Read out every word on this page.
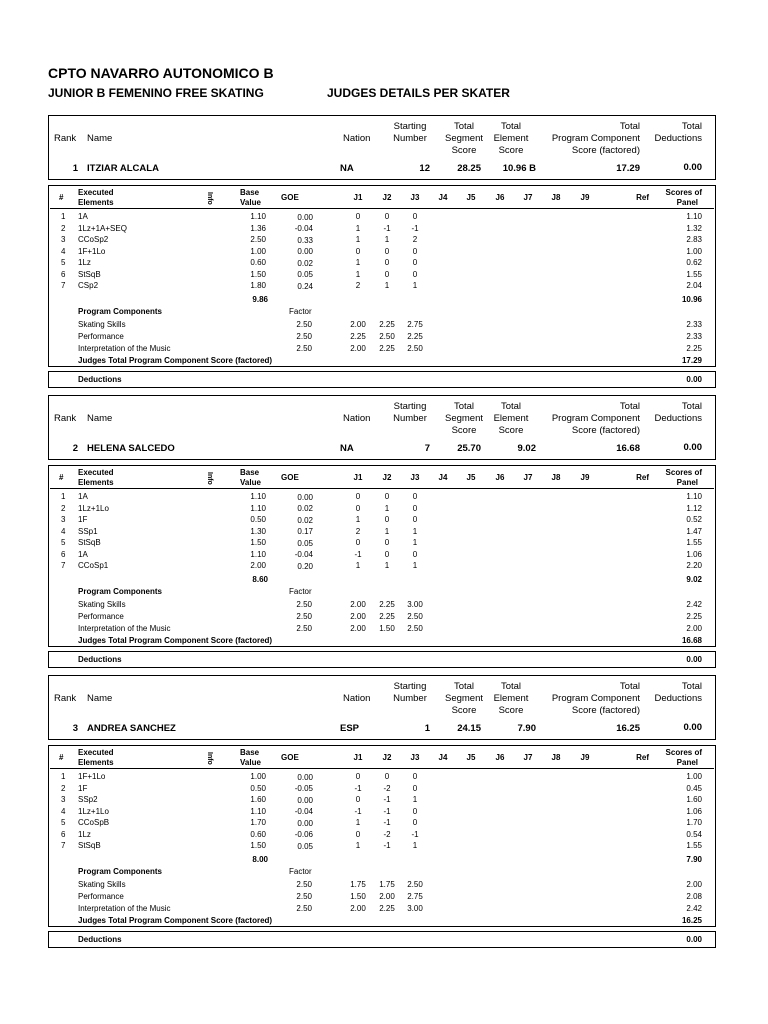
CPTO NAVARRO AUTONOMICO B
JUNIOR B FEMENINO FREE SKATING	JUDGES DETAILS PER SKATER
Starting
Number
Total
Segment
Score
Total
Element
Score
Total
Program Component
Score (factored)
Total
Deductions
Rank Name	Nation
1 ITZIAR ALCALA	NA	12	28.25	10.96 B	17.29	0.00
#
Executed
Elements	Info	Base
Value
GOE	J1	J2	J3	J4	J5	J6	J7	J8	J9	Ref
Scores of
Panel
1 1A	1.10	0.00	0	0	0	1.10
2 1Lz+1A+SEQ	1.36	-0.04	1	-1	-1	1.32
3 CCoSp2	2.50	0.33	1	1	2	2.83
4 1F+1Lo	1.00	0.00	0	0	0	1.00
5 1Lz	0.60	0.02	1	0	0	0.62
6 StSqB	1.50	0.05	1	0	0	1.55
7 CSp2	1.80	0.24	2	1	1	2.04
9.86	10.96
Program Components	Factor
Skating Skills	2.50	2.00	2.25	2.75	2.33
Performance	2.50	2.25	2.50	2.25	2.33
Interpretation of the Music	2.50	2.00	2.25	2.50	2.25
Judges Total Program Component Score (factored)	17.29
Deductions	0.00
Starting
Number
Total
Segment
Score
Total
Element
Score
Total
Program Component
Score (factored)
Total
Deductions
Rank Name	Nation
2 HELENA SALCEDO	NA	7	25.70	9.02	16.68	0.00
#
Executed
Elements	Info	Base
Value
GOE	J1	J2	J3	J4	J5	J6	J7	J8	J9	Ref
Scores of
Panel
1 1A	1.10	0.00	0	0	0	1.10
2 1Lz+1Lo	1.10	0.02	0	1	0	1.12
3 1F	0.50	0.02	1	0	0	0.52
4 SSp1	1.30	0.17	2	1	1	1.47
5 StSqB	1.50	0.05	0	0	1	1.55
6 1A	1.10	-0.04	-1	0	0	1.06
7 CCoSp1	2.00	0.20	1	1	1	2.20
8.60	9.02
Program Components	Factor
Skating Skills	2.50	2.00	2.25	3.00	2.42
Performance	2.50	2.00	2.25	2.50	2.25
Interpretation of the Music	2.50	2.00	1.50	2.50	2.00
Judges Total Program Component Score (factored)	16.68
Deductions	0.00
Starting
Number
Total
Segment
Score
Total
Element
Score
Total
Program Component
Score (factored)
Total
Deductions
Rank Name	Nation
3 ANDREA SANCHEZ	ESP	1	24.15	7.90	16.25	0.00
#
Executed
Elements	Info	Base
Value
GOE	J1	J2	J3	J4	J5	J6	J7	J8	J9	Ref
Scores of
Panel
1 1F+1Lo	1.00	0.00	0	0	0	1.00
2 1F	0.50	-0.05	-1	-2	0	0.45
3 SSp2	1.60	0.00	0	-1	1	1.60
4 1Lz+1Lo	1.10	-0.04	-1	-1	0	1.06
5 CCoSpB	1.70	0.00	1	-1	0	1.70
6 1Lz	0.60	-0.06	0	-2	-1	0.54
7 StSqB	1.50	0.05	1	-1	1	1.55
8.00	7.90
Program Components	Factor
Skating Skills	2.50	1.75	1.75	2.50	2.00
Performance	2.50	1.50	2.00	2.75	2.08
Interpretation of the Music	2.50	2.00	2.25	3.00	2.42
Judges Total Program Component Score (factored)	16.25
Deductions	0.00
